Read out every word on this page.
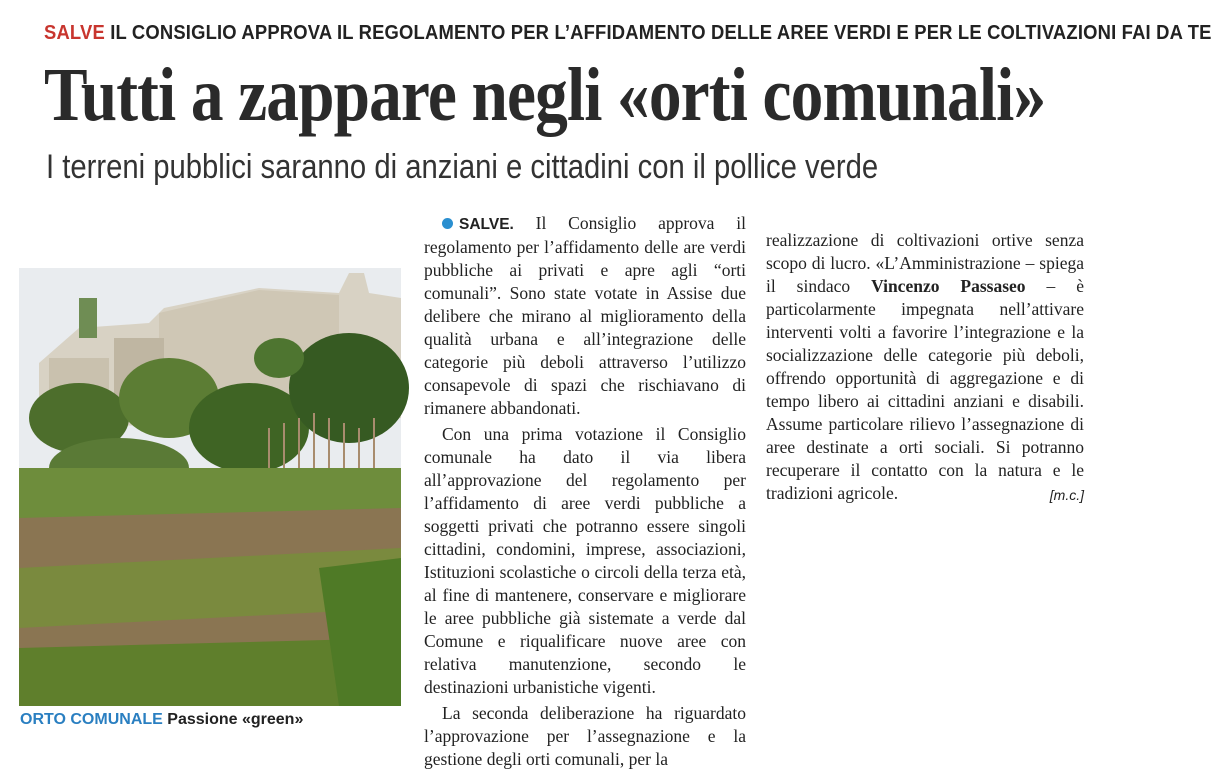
SALVE IL CONSIGLIO APPROVA IL REGOLAMENTO PER L’AFFIDAMENTO DELLE AREE VERDI E PER LE COLTIVAZIONI FAI DA TE
Tutti a zappare negli «orti comunali»
I terreni pubblici saranno di anziani e cittadini con il pollice verde
ORTO COMUNALE Passione «green»

SALVE. Il Consiglio approva il regolamento per l’affidamento delle are verdi pubbliche ai privati e apre agli “orti comunali”. Sono state votate in Assise due delibere che mirano al miglioramento della qualità urbana e all’integrazione delle categorie più deboli attraverso l’utilizzo consapevole di spazi che rischiavano di rimanere abbandonati.

Con una prima votazione il Consiglio comunale ha dato il via libera all’approvazione del regolamento per l’affidamento di aree verdi pubbliche a soggetti privati che potranno essere singoli cittadini, condomini, imprese, associazioni, Istituzioni scolastiche o circoli della terza età, al fine di mantenere, conservare e migliorare le aree pubbliche già sistemate a verde dal Comune e riqualificare nuove aree con relativa manutenzione, secondo le destinazioni urbanistiche vigenti.

La seconda deliberazione ha riguardato l’approvazione per l’assegnazione e la gestione degli orti comunali, per la

realizzazione di coltivazioni ortive senza scopo di lucro. «L’Amministrazione – spiega il sindaco Vincenzo Passaseo – è particolarmente impegnata nell’attivare interventi volti a favorire l’integrazione e la socializzazione delle categorie più deboli, offrendo opportunità di aggregazione e di tempo libero ai cittadini anziani e disabili. Assume particolare rilievo l’assegnazione di aree destinate a orti sociali. Si potranno recuperare il contatto con la natura e le tradizioni agricole.	[m.c.]
